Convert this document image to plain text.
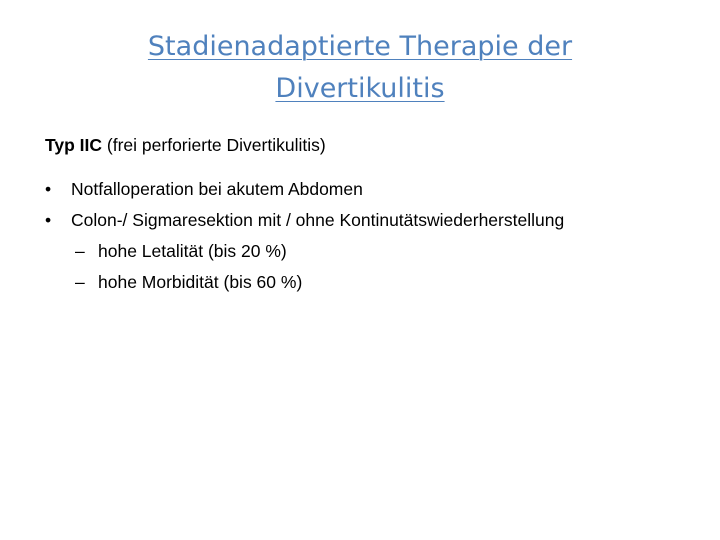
Stadienadaptierte Therapie der
Divertikulitis
Typ IIC (frei perforierte Divertikulitis)
•	Notfalloperation bei akutem Abdomen
•	Colon-/ Sigmaresektion mit / ohne Kontinutätswiederherstellung
– hohe Letalität (bis 20 %)
– hohe Morbidität (bis 60 %)
